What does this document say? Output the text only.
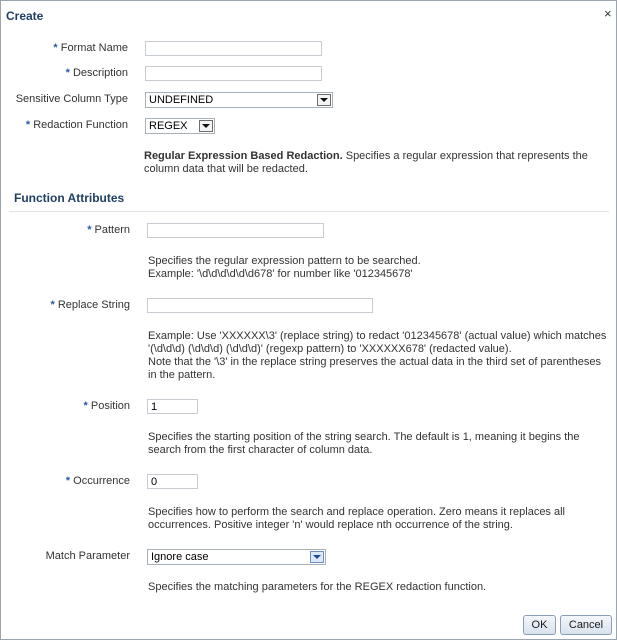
Create	×
* Format Name
* Description
Sensitive Column Type	UNDEFINED
* Redaction Function	REGEX
Regular Expression Based Redaction. Specifies a regular expression that represents the column data that will be redacted.
Function Attributes
* Pattern
Specifies the regular expression pattern to be searched.
Example: '\d\d\d\d\d\d678' for number like '012345678'
* Replace String
Example: Use 'XXXXXX\3' (replace string) to redact '012345678' (actual value) which matches '(\d\d\d) (\d\d\d) (\d\d\d)' (regexp pattern) to 'XXXXXX678' (redacted value).
Note that the '\3' in the replace string preserves the actual data in the third set of parentheses in the pattern.
* Position
1
Specifies the starting position of the string search. The default is 1, meaning it begins the search from the first character of column data.
* Occurrence
0
Specifies how to perform the search and replace operation. Zero means it replaces all occurrences. Positive integer 'n' would replace nth occurrence of the string.
Match Parameter	Ignore case
Specifies the matching parameters for the REGEX redaction function.
OK	Cancel
